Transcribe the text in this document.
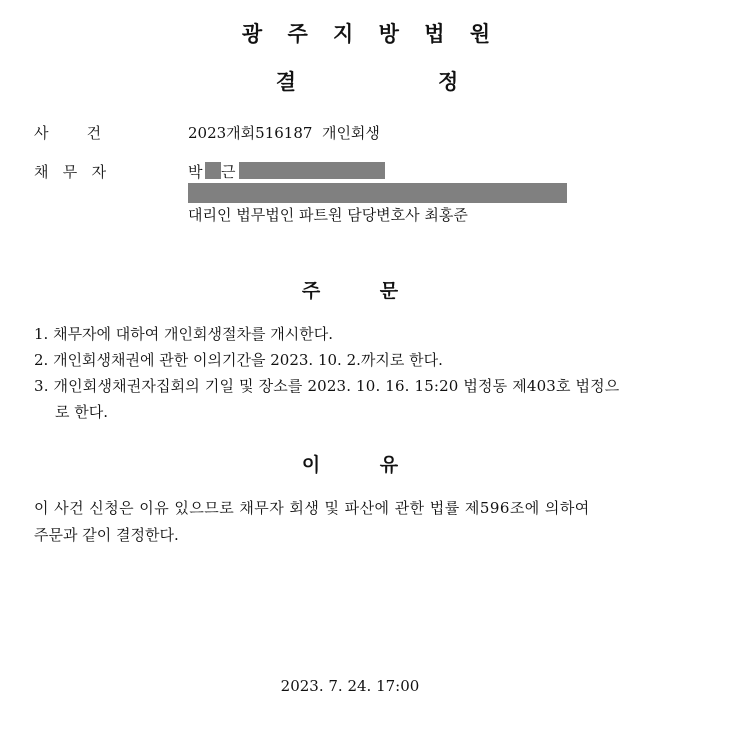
광 주 지 방 법 원
결   정
사        건	2023개회516187  개인회생
채   무   자	박 근
대리인 법무법인 파트원 담당변호사 최홍준
주         문
1. 채무자에 대하여 개인회생절차를 개시한다.
2. 개인회생채권에 관한 이의기간을 2023. 10. 2.까지로 한다.
3. 개인회생채권자집회의 기일 및 장소를 2023. 10. 16. 15:20 법정동 제403호 법정으
로 한다.
이         유
이 사건 신청은 이유 있으므로 채무자 회생 및 파산에 관한 법률 제596조에 의하여
주문과 같이 결정한다.
2023. 7. 24. 17:00
